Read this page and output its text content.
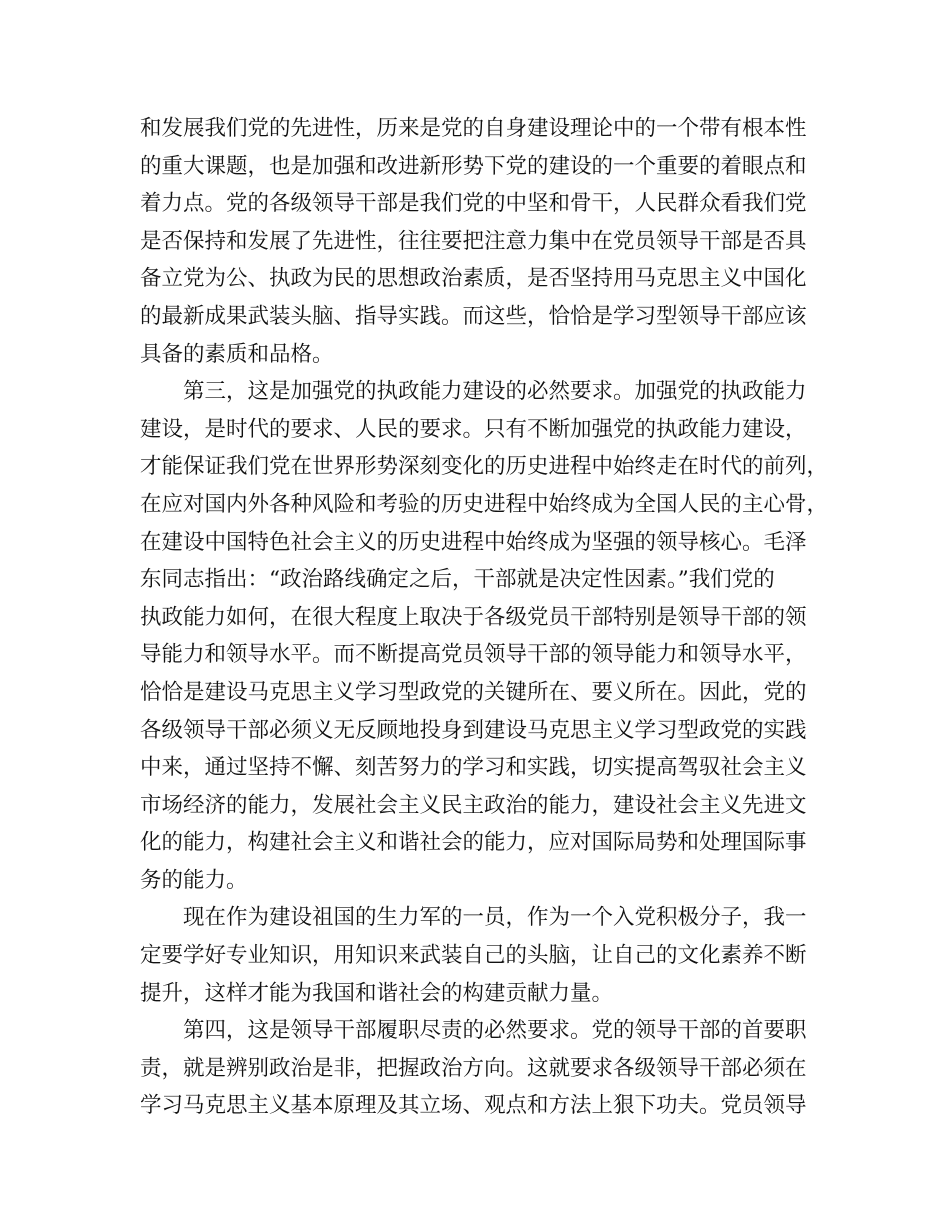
和发展我们党的先进性，历来是党的自身建设理论中的一个带有根本性
的重大课题，也是加强和改进新形势下党的建设的一个重要的着眼点和
着力点。党的各级领导干部是我们党的中坚和骨干，人民群众看我们党
是否保持和发展了先进性，往往要把注意力集中在党员领导干部是否具
备立党为公、执政为民的思想政治素质，是否坚持用马克思主义中国化
的最新成果武装头脑、指导实践。而这些，恰恰是学习型领导干部应该
具备的素质和品格。
　　第三，这是加强党的执政能力建设的必然要求。加强党的执政能力
建设，是时代的要求、人民的要求。只有不断加强党的执政能力建设，
才能保证我们党在世界形势深刻变化的历史进程中始终走在时代的前列，
在应对国内外各种风险和考验的历史进程中始终成为全国人民的主心骨，
在建设中国特色社会主义的历史进程中始终成为坚强的领导核心。毛泽
东同志指出：“政治路线确定之后，干部就是决定性因素。”我们党的
执政能力如何，在很大程度上取决于各级党员干部特别是领导干部的领
导能力和领导水平。而不断提高党员领导干部的领导能力和领导水平，
恰恰是建设马克思主义学习型政党的关键所在、要义所在。因此，党的
各级领导干部必须义无反顾地投身到建设马克思主义学习型政党的实践
中来，通过坚持不懈、刻苦努力的学习和实践，切实提高驾驭社会主义
市场经济的能力，发展社会主义民主政治的能力，建设社会主义先进文
化的能力，构建社会主义和谐社会的能力，应对国际局势和处理国际事
务的能力。
　　现在作为建设祖国的生力军的一员，作为一个入党积极分子，我一
定要学好专业知识，用知识来武装自己的头脑，让自己的文化素养不断
提升，这样才能为我国和谐社会的构建贡献力量。
　　第四，这是领导干部履职尽责的必然要求。党的领导干部的首要职
责，就是辨别政治是非，把握政治方向。这就要求各级领导干部必须在
学习马克思主义基本原理及其立场、观点和方法上狠下功夫。党员领导
